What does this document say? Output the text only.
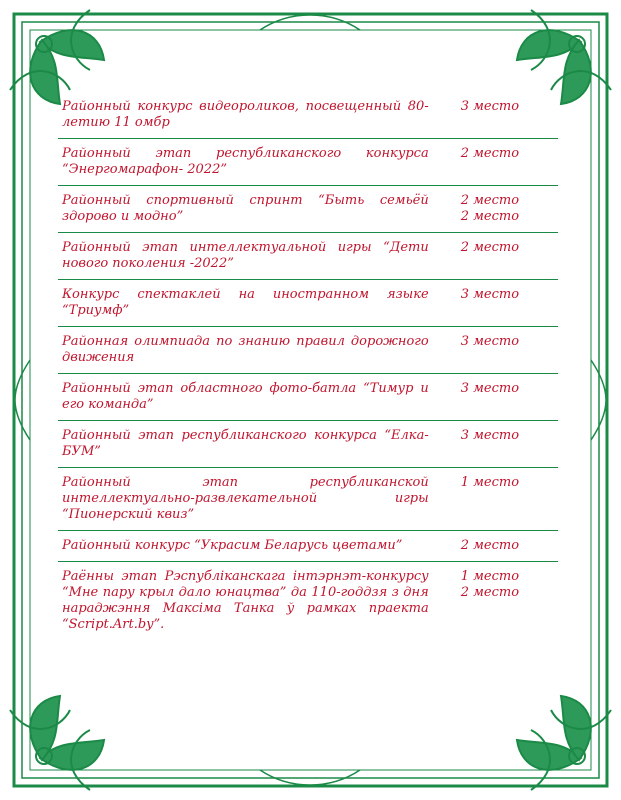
Районный конкурс видеороликов, посвещенный 80-летию 11 омбр
3 место
Районный этап республиканского конкурса “Энергомарафон- 2022”
2 место
Районный спортивный спринт “Быть семьёй здорово и модно”
2 место
2 место
Районный этап интеллектуальной игры “Дети нового поколения -2022”
2 место
Конкурс спектаклей на иностранном языке “Триумф”
3 место
Районная олимпиада по знанию правил дорожного движения
3 место
Районный этап областного фото-батла “Тимур и его команда”
3 место
Районный этап республиканского конкурса “Елка-БУМ”
3 место
Районный этап республиканской интеллектуально-развлекательной игры “Пионерский квиз”
1 место
Районный конкурс “Украсим Беларусь цветами”	2 место
Раённы этап Рэспубліканскага інтэрнэт-конкурсу “Мне пару крыл дало юнацтва” да 110-годдзя з дня нараджэння Максіма Танка ў рамках праекта “Script.Art.by”.
1 место
2 место
